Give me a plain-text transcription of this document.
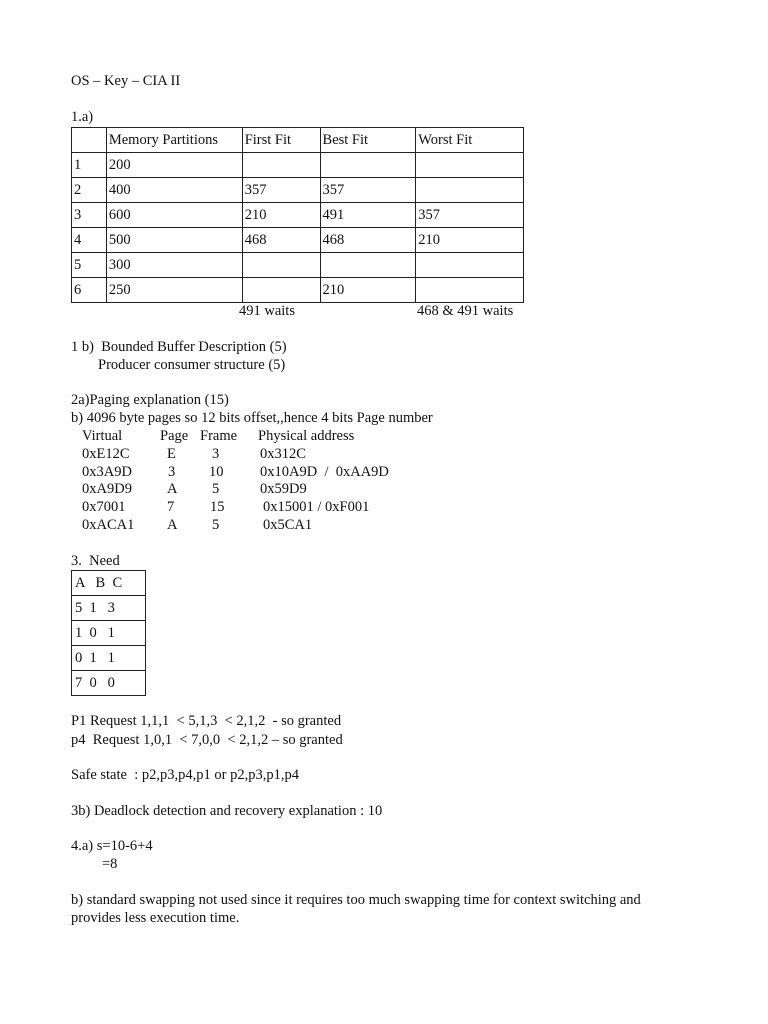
OS – Key – CIA II
1.a)
	Memory Partitions	First Fit	Best Fit	Worst Fit
1	200			
2	400	357	357	
3	600	210	491	357
4	500	468	468	210
5	300			
6	250		210	
491 waits	468 & 491 waits
1 b)  Bounded Buffer Description (5)
Producer consumer structure (5)
2a)Paging explanation (15)
b) 4096 byte pages so 12 bits offset,,hence 4 bits Page number
Virtual	Page Frame Physical address
0xE12C	E 3	0x312C
0x3A9D 3 10	0x10A9D  /  0xAA9D
0xA9D9 A 5	0x59D9
0x7001	7 15	0x15001 / 0xF001
0xACA1 A 5	0x5CA1
3.  Need
A   B  C
5  1   3
1  0   1
0  1   1
7  0   0
P1 Request 1,1,1  < 5,1,3  < 2,1,2  - so granted
p4  Request 1,0,1  < 7,0,0  < 2,1,2 – so granted
Safe state  : p2,p3,p4,p1 or p2,p3,p1,p4
3b) Deadlock detection and recovery explanation : 10
4.a) s=10-6+4
=8
b) standard swapping not used since it requires too much swapping time for context switching and
provides less execution time.
